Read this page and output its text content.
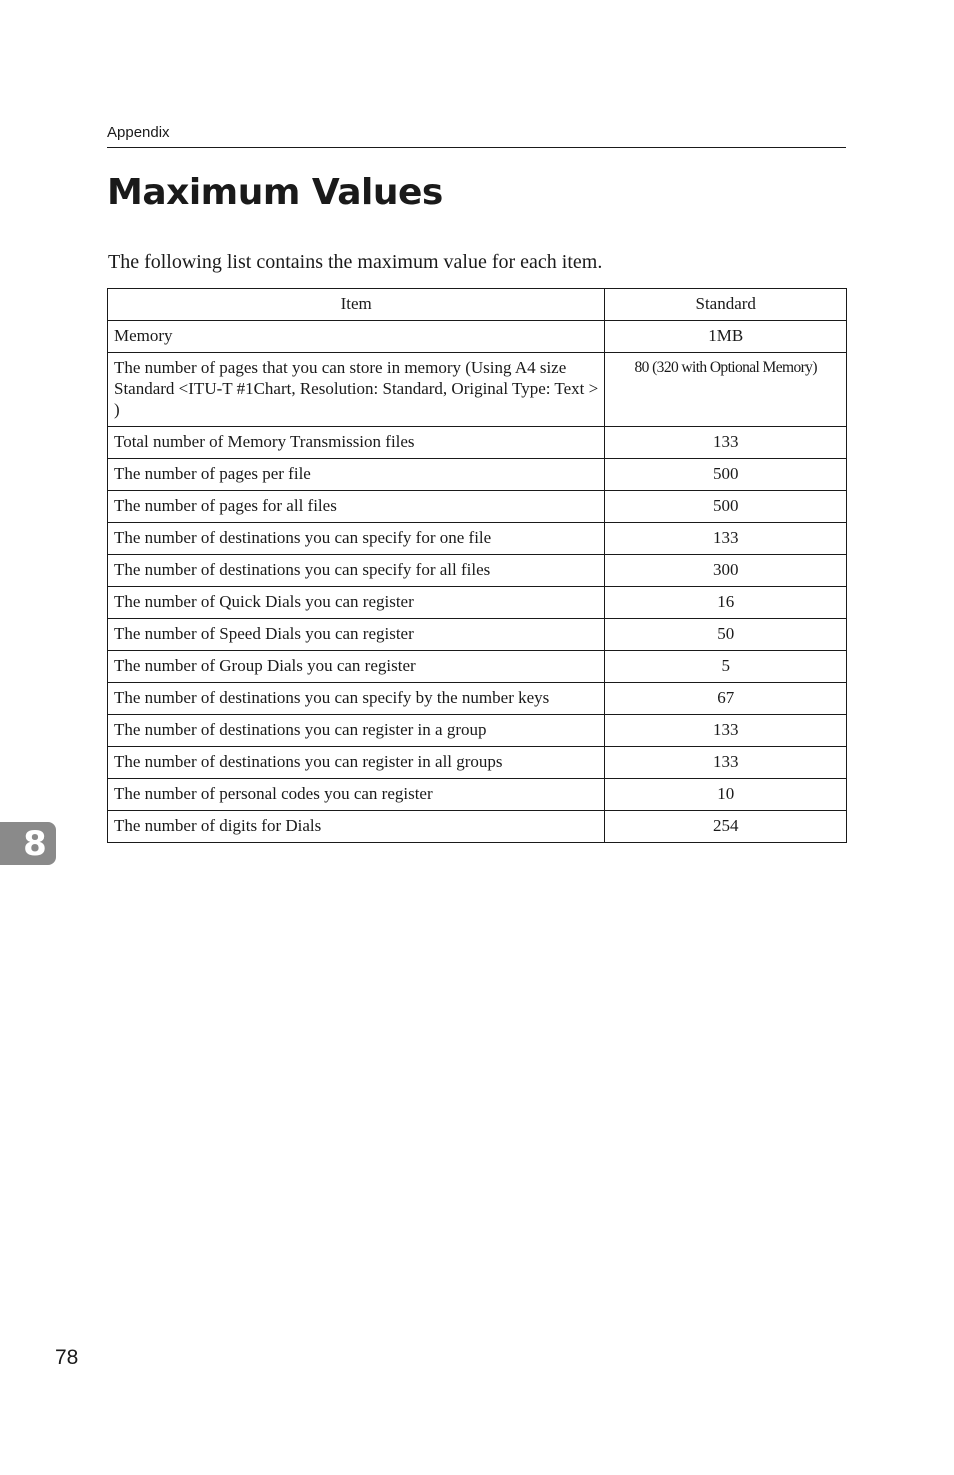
Appendix
Maximum Values

The following list contains the maximum value for each item.

Item	Standard
Memory	1MB
The number of pages that you can store in memory (Using A4 size Standard <ITU-T #1Chart, Resolution: Standard, Original Type: Text > )	80 (320 with Optional Memory)
Total number of Memory Transmission files	133
The number of pages per file	500
The number of pages for all files	500
The number of destinations you can specify for one file	133
The number of destinations you can specify for all files	300
The number of Quick Dials you can register	16
The number of Speed Dials you can register	50
The number of Group Dials you can register	5
The number of destinations you can specify by the number keys	67
The number of destinations you can register in a group	133
The number of destinations you can register in all groups	133
The number of personal codes you can register	10
The number of digits for Dials	254
8
78
